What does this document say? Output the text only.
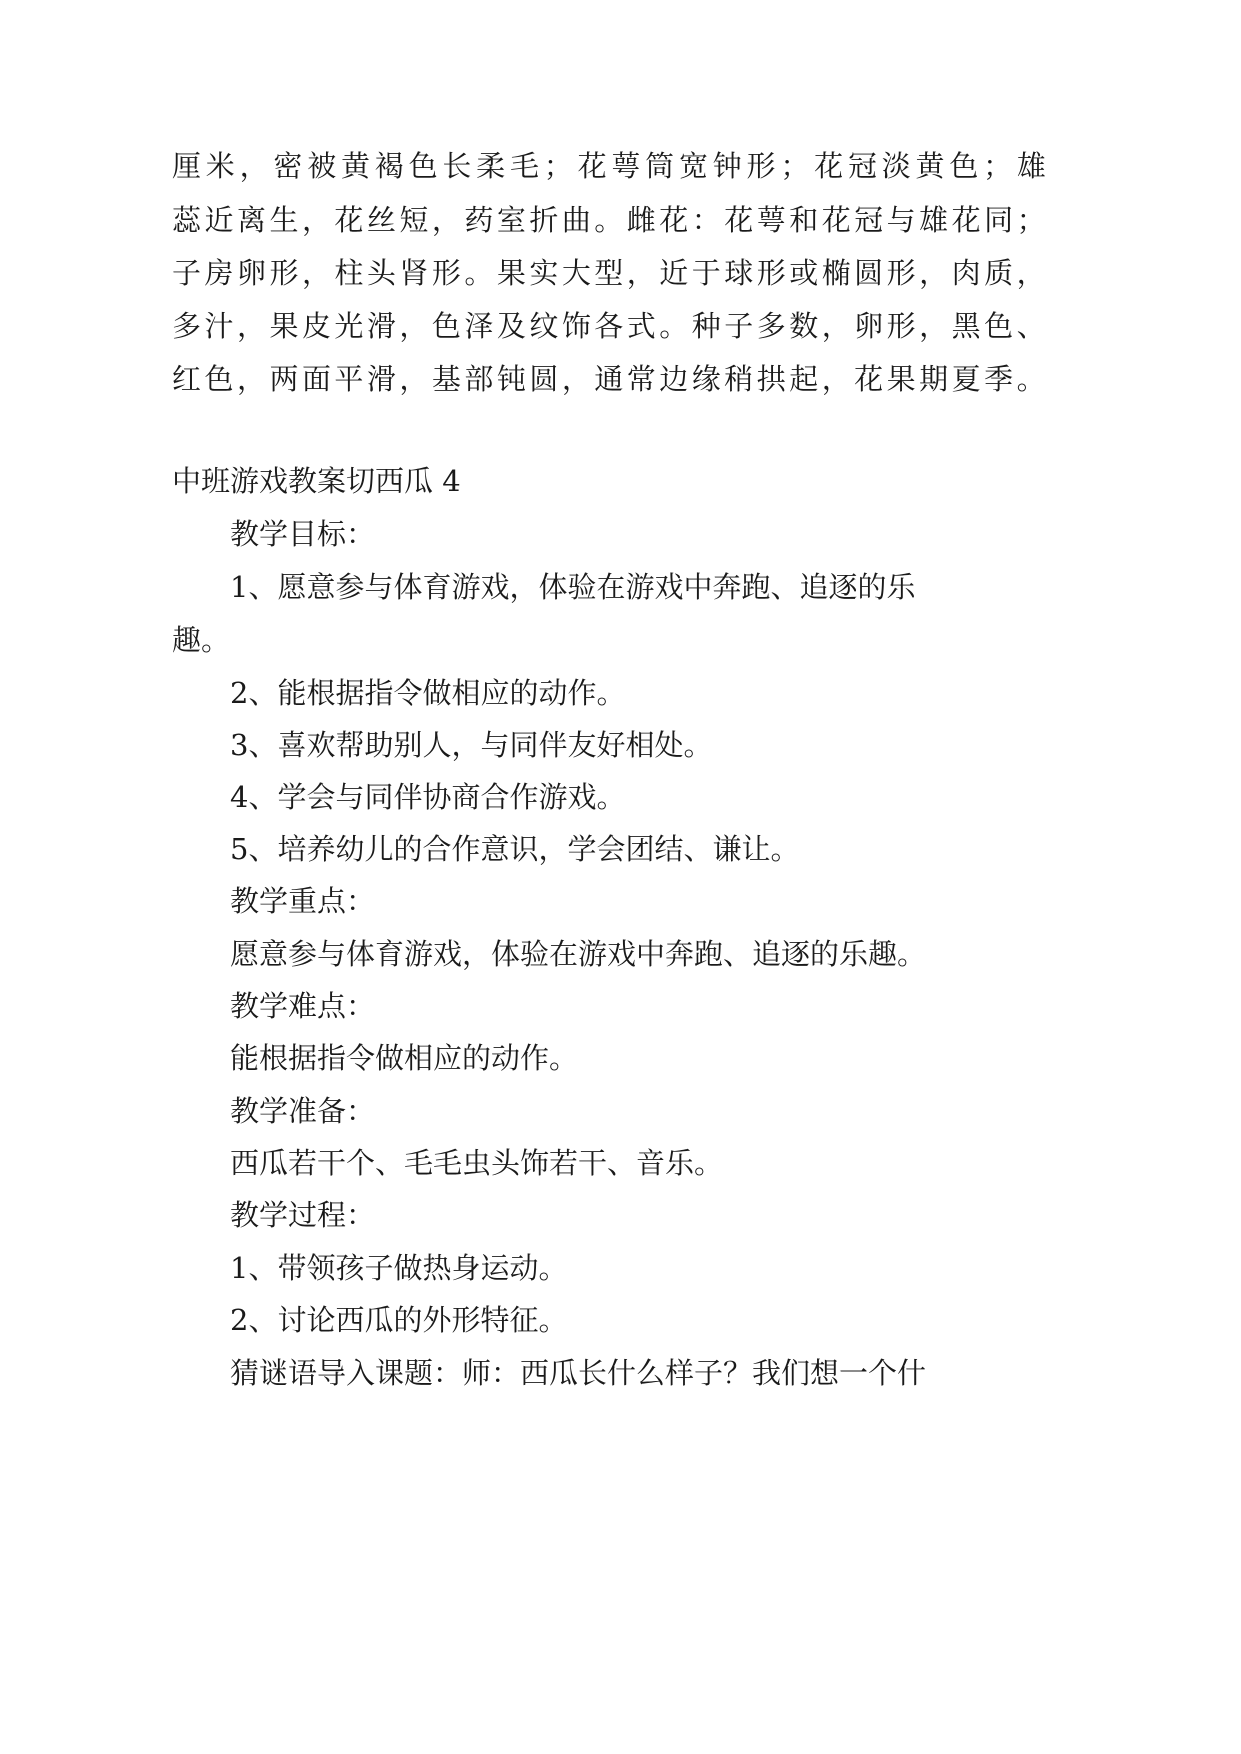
厘 米 ， 密 被 黄 褐 色 长 柔 毛 ； 花 萼 筒 宽 钟 形 ； 花 冠 淡 黄 色 ； 雄
蕊 近 离 生 ， 花 丝 短 ， 药 室 折 曲 。 雌 花 ： 花 萼 和 花 冠 与 雄 花 同 ；
子 房 卵 形 ， 柱 头 肾 形 。 果 实 大 型 ， 近 于 球 形 或 椭 圆 形 ， 肉 质 ，
多 汁 ， 果 皮 光 滑 ， 色 泽 及 纹 饰 各 式 。 种 子 多 数 ， 卵 形 ， 黑 色 、
红 色 ， 两 面 平 滑 ， 基 部 钝 圆 ， 通 常 边 缘 稍 拱 起 ， 花 果 期 夏 季 。
中班游戏教案切西瓜 4
教学目标：
1、愿意参与体育游戏，体验在游戏中奔跑、追逐的乐
趣。
2、能根据指令做相应的动作。
3、喜欢帮助别人，与同伴友好相处。
4、学会与同伴协商合作游戏。
5、培养幼儿的合作意识，学会团结、谦让。
教学重点：
愿意参与体育游戏，体验在游戏中奔跑、追逐的乐趣。
教学难点：
能根据指令做相应的动作。
教学准备：
西瓜若干个、毛毛虫头饰若干、音乐。
教学过程：
1、带领孩子做热身运动。
2、讨论西瓜的外形特征。
猜谜语导入课题：师：西瓜长什么样子？我们想一个什
